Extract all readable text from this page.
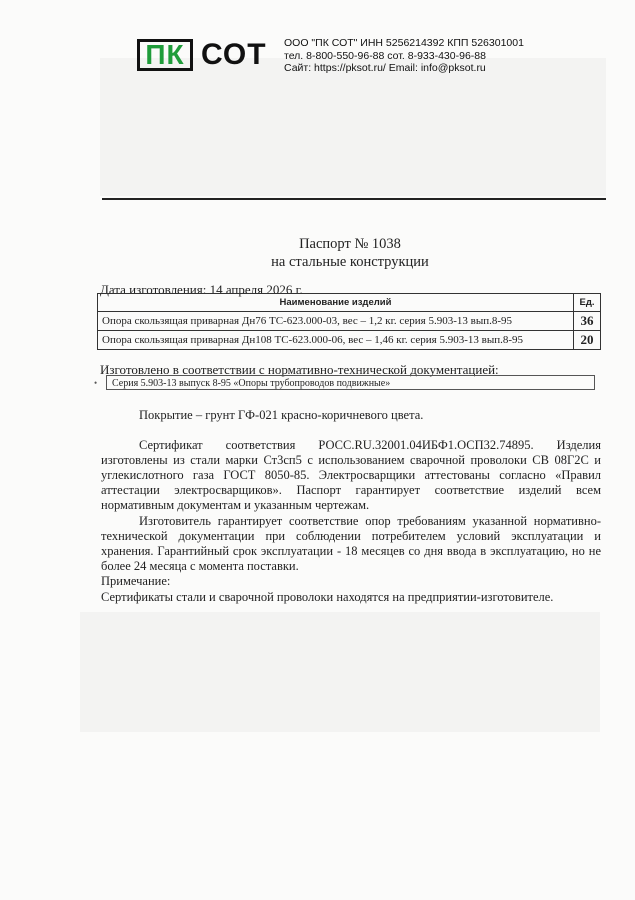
ПК СОТ ООО "ПК СОТ" ИНН 5256214392 КПП 526301001
тел. 8-800-550-96-88 сот. 8-933-430-96-88
Сайт: https://pksot.ru/ Email: info@pksot.ru
Паспорт № 1038
на стальные конструкции
Дата изготовления: 14 апреля 2026 г.
Наименование изделий	Ед.
Опора скользящая приварная Дн76 ТС-623.000-03, вес – 1,2 кг. серия 5.903-13 вып.8-95	36
Опора скользящая приварная Дн108 ТС-623.000-06, вес – 1,46 кг. серия 5.903-13 вып.8-95	20
Изготовлено в соответствии с нормативно-технической документацией:
•	Серия 5.903-13 выпуск 8-95 «Опоры трубопроводов подвижные»

Покрытие – грунт ГФ-021 красно-коричневого цвета.

Сертификат соответствия РОСС.RU.32001.04ИБФ1.ОСП32.74895. Изделия изготовлены из стали марки Ст3сп5 с использованием сварочной проволоки СВ 08Г2С и углекислотного газа ГОСТ 8050-85. Электросварщики аттестованы согласно «Правил аттестации электросварщиков». Паспорт гарантирует соответствие изделий всем нормативным документам и указанным чертежам.

Изготовитель гарантирует соответствие опор требованиям указанной нормативно-технической документации при соблюдении потребителем условий эксплуатации и хранения. Гарантийный срок эксплуатации - 18 месяцев со дня ввода в эксплуатацию, но не более 24 месяца с момента поставки.

Примечание:

Сертификаты стали и сварочной проволоки находятся на предприятии-изготовителе.
